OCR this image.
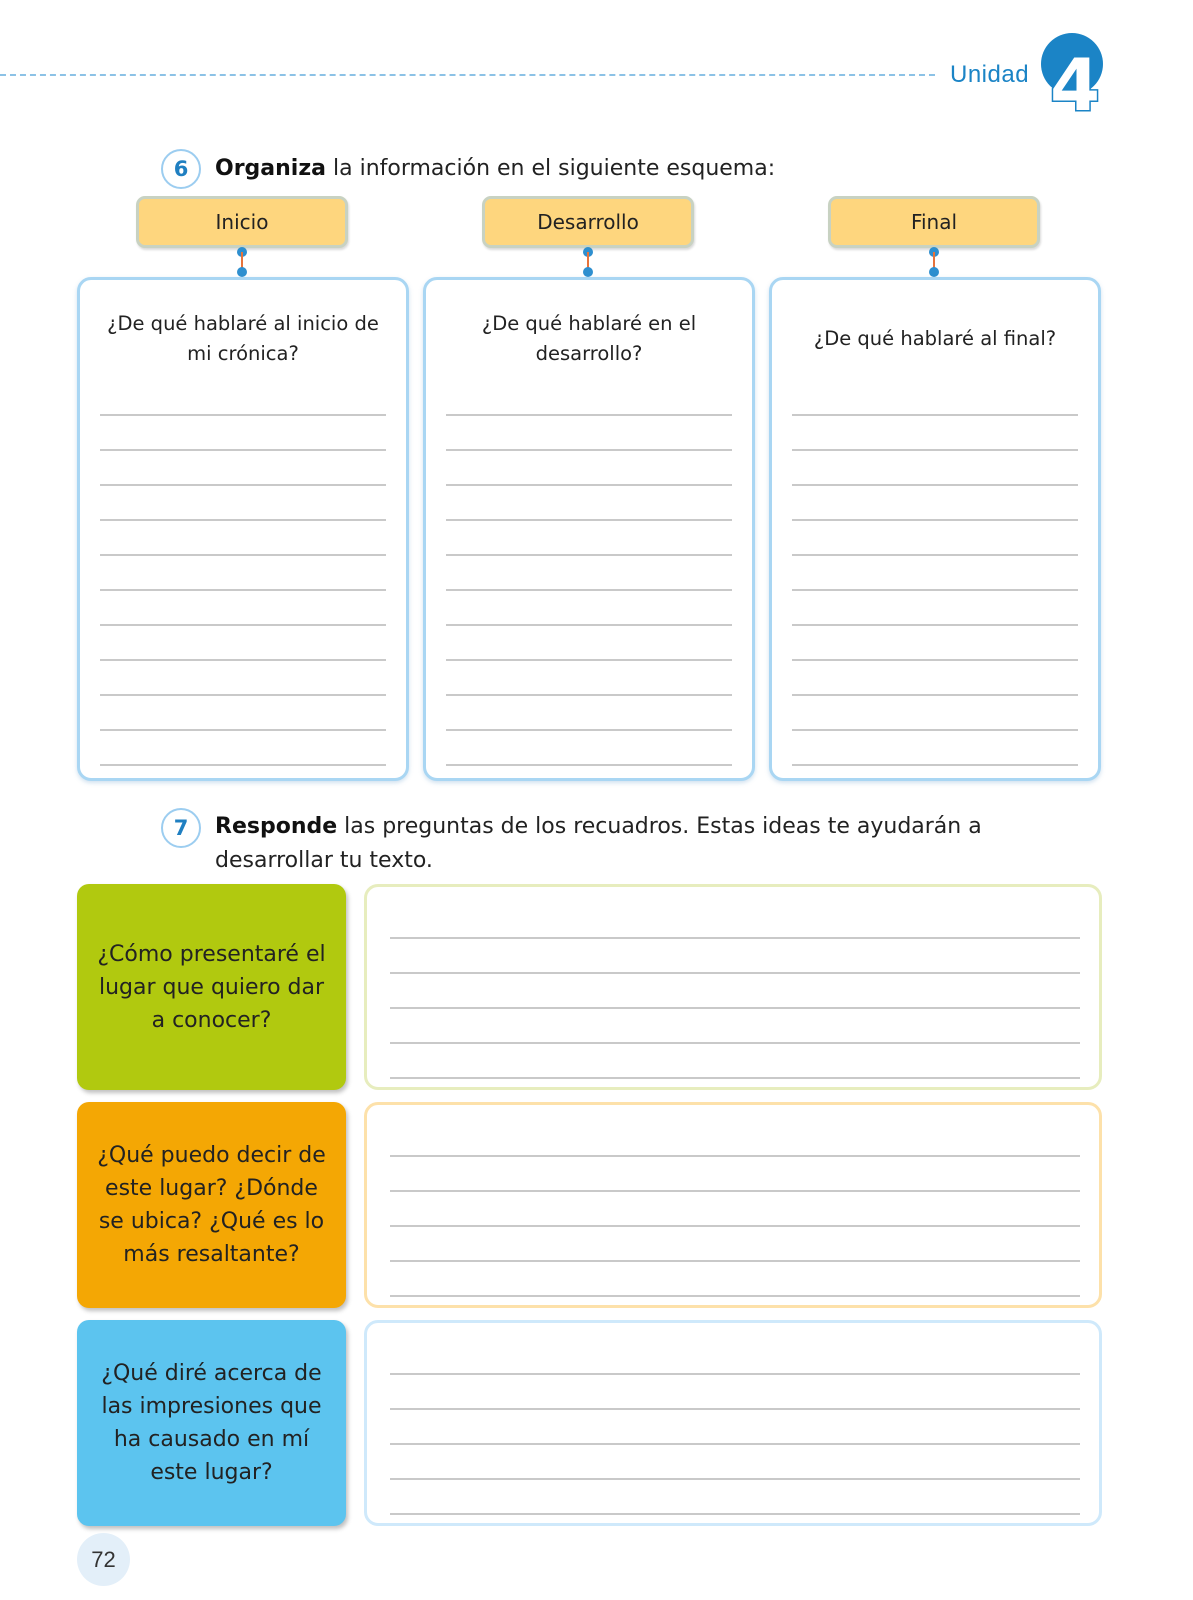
Unidad 4
6	Organiza la información en el siguiente esquema:
Inicio	Desarrollo	Final
¿De qué hablaré al inicio de mi crónica?
¿De qué hablaré en el desarrollo?
¿De qué hablaré al final?
7	Responde las preguntas de los recuadros. Estas ideas te ayudarán a desarrollar tu texto.
¿Cómo presentaré el lugar que quiero dar a conocer?
¿Qué puedo decir de este lugar? ¿Dónde se ubica? ¿Qué es lo más resaltante?
¿Qué diré acerca de las impresiones que ha causado en mí este lugar?
72
